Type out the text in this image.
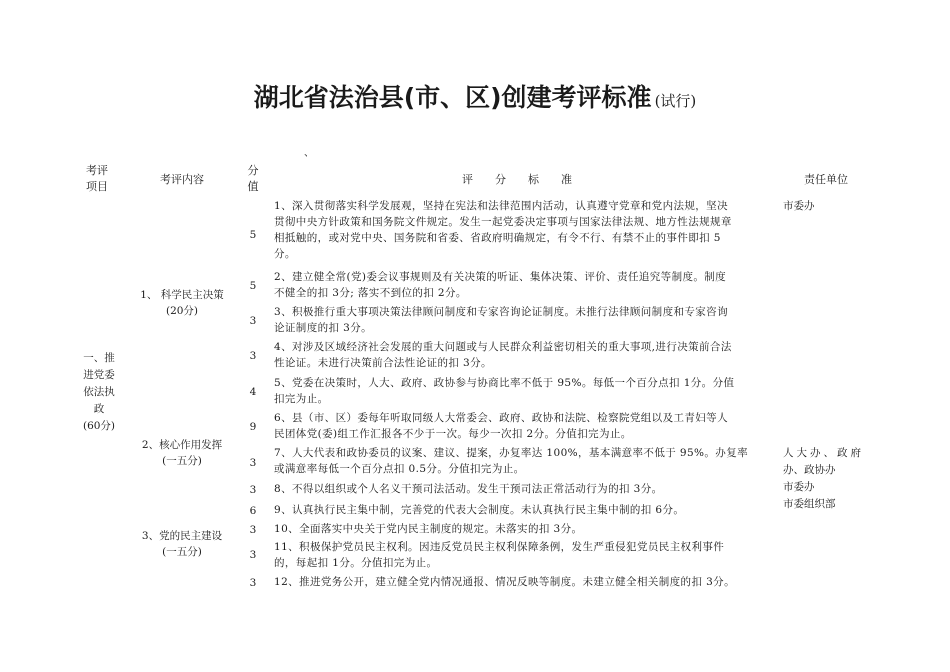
湖北省法治县(市、区)创建考评标准 (试行)
、
考评
项目
考评内容
分
值
评　　分　　标　　准	责任单位
一、推
进党委
依法执
政
(60分)
1、 科学民主决策
(20分)
2、核心作用发挥
(一五分)
3、党的民主建设
(一五分)
5
5
3
3
4
9
3
3
6
3
3
3
1、深入贯彻落实科学发展观，坚持在宪法和法律范围内活动，认真遵守党章和党内法规，坚决
贯彻中央方针政策和国务院文件规定。发生一起党委决定事项与国家法律法规、地方性法规规章
相抵触的，或对党中央、国务院和省委、省政府明确规定，有令不行、有禁不止的事件即扣 5
分。
2、建立健全常(党)委会议事规则及有关决策的听证、集体决策、评价、责任追究等制度。制度
不健全的扣 3分; 落实不到位的扣 2分。
3、积极推行重大事项决策法律顾问制度和专家咨询论证制度。未推行法律顾问制度和专家咨询
论证制度的扣 3分。
4、对涉及区域经济社会发展的重大问题或与人民群众利益密切相关的重大事项,进行决策前合法
性论证。未进行决策前合法性论证的扣 3分。
5、党委在决策时，人大、政府、政协参与协商比率不低于 95%。每低一个百分点扣 1分。分值
扣完为止。
6、县（市、区）委每年听取同级人大常委会、政府、政协和法院、检察院党组以及工青妇等人
民团体党(委)组工作汇报各不少于一次。每少一次扣 2分。分值扣完为止。
7、人大代表和政协委员的议案、建议、提案，办复率达 100%，基本满意率不低于 95%。办复率
或满意率每低一个百分点扣 0.5分。分值扣完为止。
8、不得以组织或个人名义干预司法活动。发生干预司法正常活动行为的扣 3分。
9、认真执行民主集中制，完善党的代表大会制度。未认真执行民主集中制的扣 6分。
10、全面落实中央关于党内民主制度的规定。未落实的扣 3分。
11、积极保护党员民主权利。因违反党员民主权利保障条例，发生严重侵犯党员民主权利事件
的，每起扣 1分。分值扣完为止。
12、推进党务公开，建立健全党内情况通报、情况反映等制度。未建立健全相关制度的扣 3分。
市委办
人大办、政府
办、政协办
市委办
市委组织部
